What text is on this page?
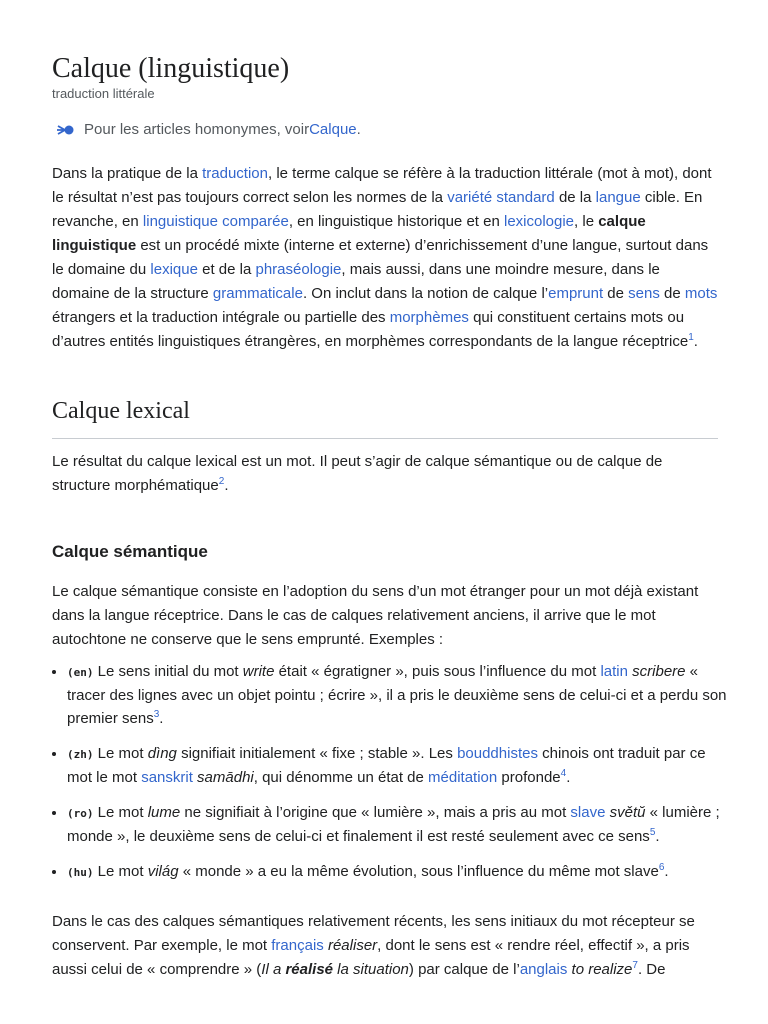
Calque (linguistique)
traduction littérale
Pour les articles homonymes, voir Calque .

Dans la pratique de la traduction, le terme calque se réfère à la traduction littérale (mot à mot), dont le résultat n’est pas toujours correct selon les normes de la variété standard de la langue cible. En revanche, en linguistique comparée, en linguistique historique et en lexicologie, le calque linguistique est un procédé mixte (interne et externe) d’enrichissement d’une langue, surtout dans le domaine du lexique et de la phraséologie, mais aussi, dans une moindre mesure, dans le domaine de la structure grammaticale. On inclut dans la notion de calque l’emprunt de sens de mots étrangers et la traduction intégrale ou partielle des morphèmes qui constituent certains mots ou d’autres entités linguistiques étrangères, en morphèmes correspondants de la langue réceptrice$^1$.

Calque lexical

Le résultat du calque lexical est un mot. Il peut s’agir de calque sémantique ou de calque de structure morphématique$^2$.

Calque sémantique

Le calque sémantique consiste en l’adoption du sens d’un mot étranger pour un mot déjà existant dans la langue réceptrice. Dans le cas de calques relativement anciens, il arrive que le mot autochtone ne conserve que le sens emprunté. Exemples :

• (en) Le sens initial du mot write était « égratigner », puis sous l’influence du mot latin scribere « tracer des lignes avec un objet pointu ; écrire », il a pris le deuxième sens de celui-ci et a perdu son premier sens$^3$.
• (zh) Le mot dìng signifiait initialement « fixe ; stable ». Les bouddhistes chinois ont traduit par ce mot le mot sanskrit samādhi, qui dénomme un état de méditation profonde$^4$.
• (ro) Le mot lume ne signifiait à l’origine que « lumière », mais a pris au mot slave světŭ « lumière ; monde », le deuxième sens de celui-ci et finalement il est resté seulement avec ce sens$^5$.
• (hu) Le mot világ « monde » a eu la même évolution, sous l’influence du même mot slave$^6$.

Dans le cas des calques sémantiques relativement récents, les sens initiaux du mot récepteur se conservent. Par exemple, le mot français réaliser, dont le sens est « rendre réel, effectif », a pris aussi celui de « comprendre » (Il a réalisé la situation) par calque de l’anglais to realize$^7$. De
